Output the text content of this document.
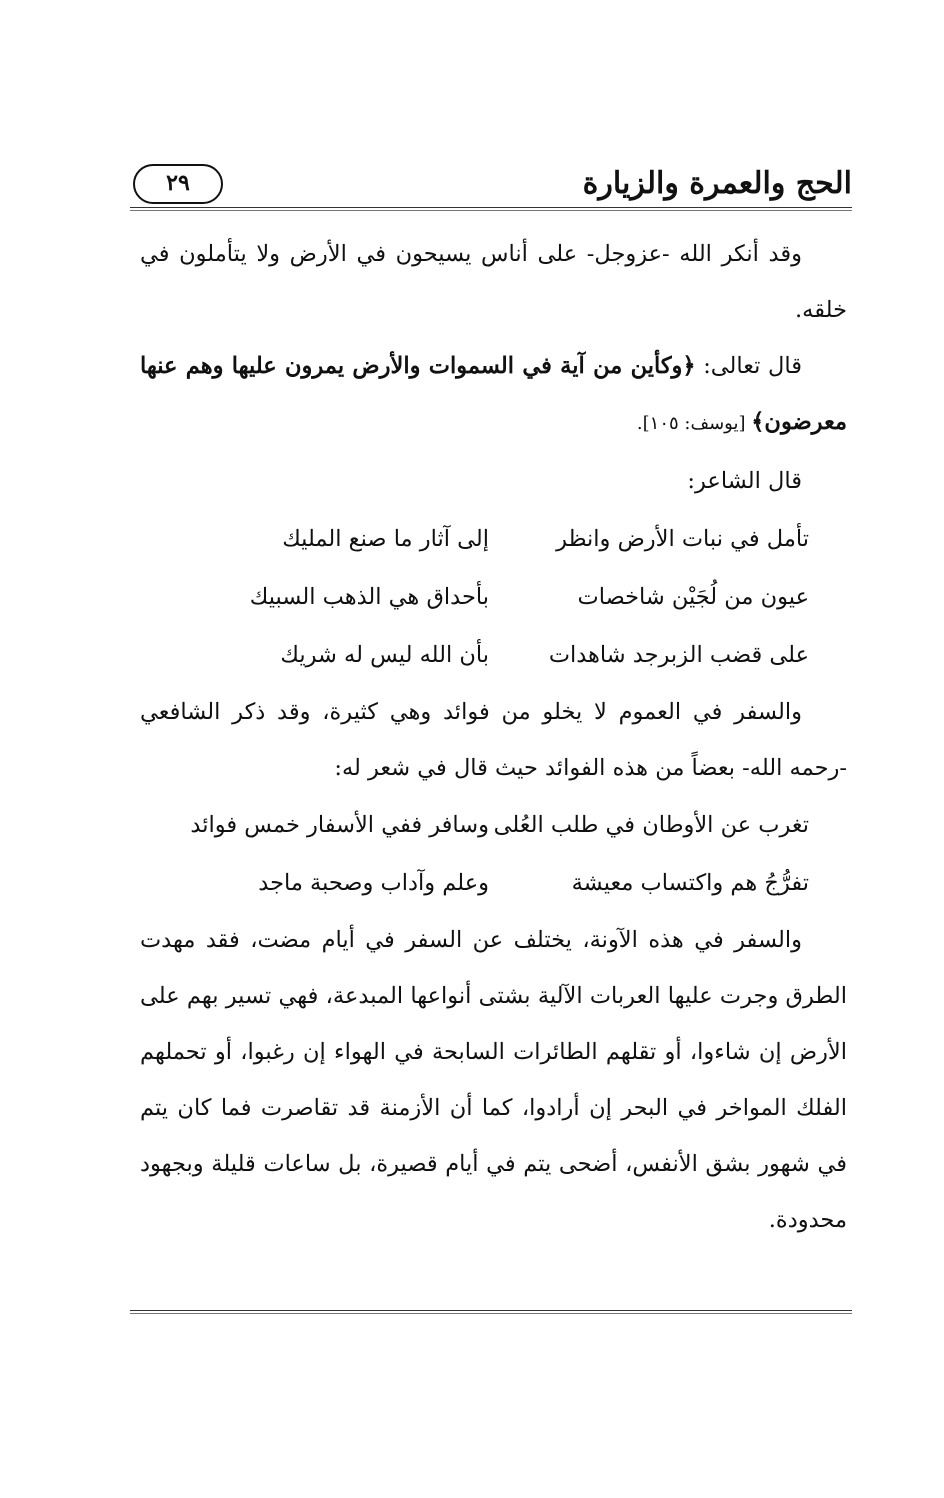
الحج والعمرة والزيارة
٢٩

وقد أنكر الله -عزوجل- على أناس يسيحون في الأرض ولا يتأملون في خلقه.

قال تعالى: ﴿وكأين من آية في السموات والأرض يمرون عليها وهم عنها معرضون﴾ [يوسف: ١٠٥].

قال الشاعر:

تأمل في نبات الأرض وانظر
إلى آثار ما صنع المليك
عيون من لُجَيْن شاخصات
بأحداق هي الذهب السبيك
على قضب الزبرجد شاهدات
بأن الله ليس له شريك

والسفر في العموم لا يخلو من فوائد وهي كثيرة، وقد ذكر الشافعي -رحمه الله- بعضاً من هذه الفوائد حيث قال في شعر له:

تغرب عن الأوطان في طلب العُلى
وسافر ففي الأسفار خمس فوائد
تفرُّجُ هم واكتساب معيشة
وعلم وآداب وصحبة ماجد

والسفر في هذه الآونة، يختلف عن السفر في أيام مضت، فقد مهدت الطرق وجرت عليها العربات الآلية بشتى أنواعها المبدعة، فهي تسير بهم على الأرض إن شاءوا، أو تقلهم الطائرات السابحة في الهواء إن رغبوا، أو تحملهم الفلك المواخر في البحر إن أرادوا، كما أن الأزمنة قد تقاصرت فما كان يتم في شهور بشق الأنفس، أضحى يتم في أيام قصيرة، بل ساعات قليلة وبجهود محدودة.
